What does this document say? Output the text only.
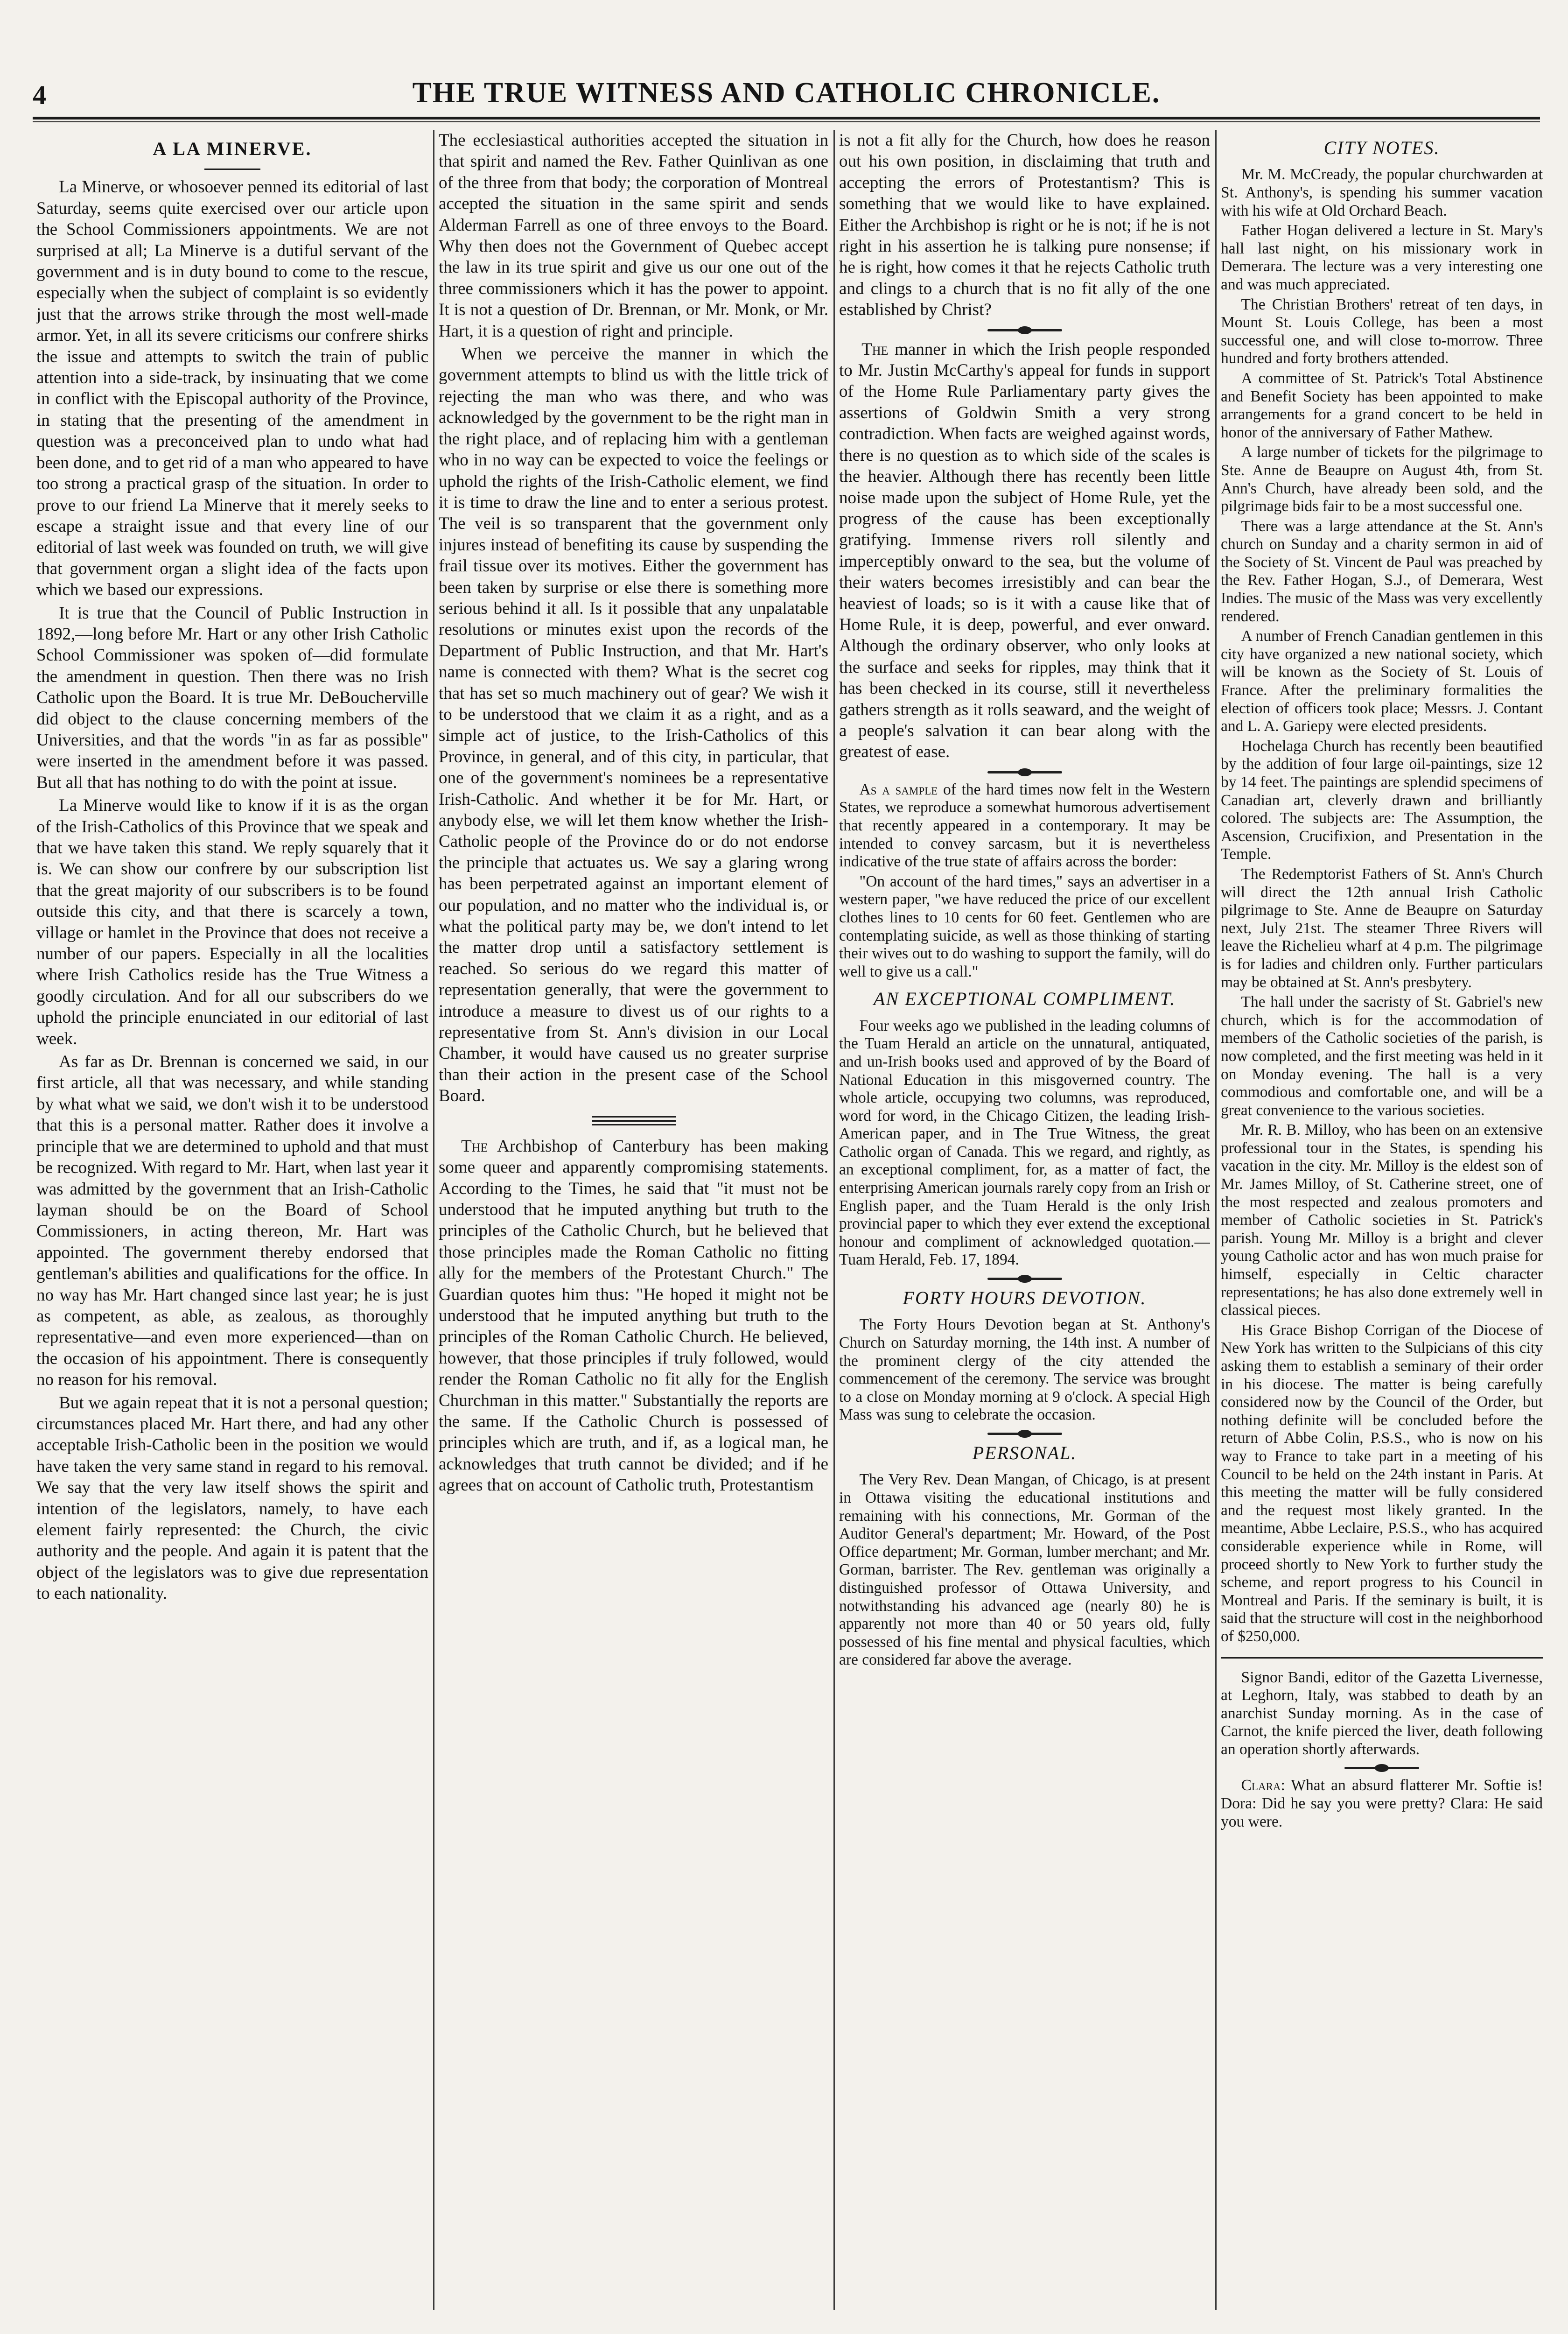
4	THE TRUE WITNESS AND CATHOLIC CHRONICLE.
A LA MINERVE.

La Minerve, or whosoever penned its editorial of last Saturday, seems quite exercised over our article upon the School Commissioners appointments. We are not surprised at all; La Minerve is a dutiful servant of the government and is in duty bound to come to the rescue, especially when the subject of complaint is so evidently just that the arrows strike through the most well-made armor. Yet, in all its severe criticisms our confrere shirks the issue and attempts to switch the train of public attention into a side-track, by insinuating that we come in conflict with the Episcopal authority of the Province, in stating that the presenting of the amendment in question was a preconceived plan to undo what had been done, and to get rid of a man who appeared to have too strong a practical grasp of the situation. In order to prove to our friend La Minerve that it merely seeks to escape a straight issue and that every line of our editorial of last week was founded on truth, we will give that government organ a slight idea of the facts upon which we based our expressions.

It is true that the Council of Public Instruction in 1892,—long before Mr. Hart or any other Irish Catholic School Commissioner was spoken of—did formulate the amendment in question. Then there was no Irish Catholic upon the Board. It is true Mr. DeBoucherville did object to the clause concerning members of the Universities, and that the words "in as far as possible" were inserted in the amendment before it was passed. But all that has nothing to do with the point at issue.

La Minerve would like to know if it is as the organ of the Irish-Catholics of this Province that we speak and that we have taken this stand. We reply squarely that it is. We can show our confrere by our subscription list that the great majority of our subscribers is to be found outside this city, and that there is scarcely a town, village or hamlet in the Province that does not receive a number of our papers. Especially in all the localities where Irish Catholics reside has the True Witness a goodly circulation. And for all our subscribers do we uphold the principle enunciated in our editorial of last week.

As far as Dr. Brennan is concerned we said, in our first article, all that was necessary, and while standing by what what we said, we don't wish it to be understood that this is a personal matter. Rather does it involve a principle that we are determined to uphold and that must be recognized. With regard to Mr. Hart, when last year it was admitted by the government that an Irish-Catholic layman should be on the Board of School Commissioners, in acting thereon, Mr. Hart was appointed. The government thereby endorsed that gentleman's abilities and qualifications for the office. In no way has Mr. Hart changed since last year; he is just as competent, as able, as zealous, as thoroughly representative—and even more experienced—than on the occasion of his appointment. There is consequently no reason for his removal.

But we again repeat that it is not a personal question; circumstances placed Mr. Hart there, and had any other acceptable Irish-Catholic been in the position we would have taken the very same stand in regard to his removal. We say that the very law itself shows the spirit and intention of the legislators, namely, to have each element fairly represented: the Church, the civic authority and the people. And again it is patent that the object of the legislators was to give due representation to each nationality.

The ecclesiastical authorities accepted the situation in that spirit and named the Rev. Father Quinlivan as one of the three from that body; the corporation of Montreal accepted the situation in the same spirit and sends Alderman Farrell as one of three envoys to the Board. Why then does not the Government of Quebec accept the law in its true spirit and give us our one out of the three commissioners which it has the power to appoint. It is not a question of Dr. Brennan, or Mr. Monk, or Mr. Hart, it is a question of right and principle.

When we perceive the manner in which the government attempts to blind us with the little trick of rejecting the man who was there, and who was acknowledged by the government to be the right man in the right place, and of replacing him with a gentleman who in no way can be expected to voice the feelings or uphold the rights of the Irish-Catholic element, we find it is time to draw the line and to enter a serious protest. The veil is so transparent that the government only injures instead of benefiting its cause by suspending the frail tissue over its motives. Either the government has been taken by surprise or else there is something more serious behind it all. Is it possible that any unpalatable resolutions or minutes exist upon the records of the Department of Public Instruction, and that Mr. Hart's name is connected with them? What is the secret cog that has set so much machinery out of gear? We wish it to be understood that we claim it as a right, and as a simple act of justice, to the Irish-Catholics of this Province, in general, and of this city, in particular, that one of the government's nominees be a representative Irish-Catholic. And whether it be for Mr. Hart, or anybody else, we will let them know whether the Irish-Catholic people of the Province do or do not endorse the principle that actuates us. We say a glaring wrong has been perpetrated against an important element of our population, and no matter who the individual is, or what the political party may be, we don't intend to let the matter drop until a satisfactory settlement is reached. So serious do we regard this matter of representation generally, that were the government to introduce a measure to divest us of our rights to a representative from St. Ann's division in our Local Chamber, it would have caused us no greater surprise than their action in the present case of the School Board.

The Archbishop of Canterbury has been making some queer and apparently compromising statements. According to the Times, he said that "it must not be understood that he imputed anything but truth to the principles of the Catholic Church, but he believed that those principles made the Roman Catholic no fitting ally for the members of the Protestant Church." The Guardian quotes him thus: "He hoped it might not be understood that he imputed anything but truth to the principles of the Roman Catholic Church. He believed, however, that those principles if truly followed, would render the Roman Catholic no fit ally for the English Churchman in this matter." Substantially the reports are the same. If the Catholic Church is possessed of principles which are truth, and if, as a logical man, he acknowledges that truth cannot be divided; and if he agrees that on account of Catholic truth, Protestantism

is not a fit ally for the Church, how does he reason out his own position, in disclaiming that truth and accepting the errors of Protestantism? This is something that we would like to have explained. Either the Archbishop is right or he is not; if he is not right in his assertion he is talking pure nonsense; if he is right, how comes it that he rejects Catholic truth and clings to a church that is no fit ally of the one established by Christ?

The manner in which the Irish people responded to Mr. Justin McCarthy's appeal for funds in support of the Home Rule Parliamentary party gives the assertions of Goldwin Smith a very strong contradiction. When facts are weighed against words, there is no question as to which side of the scales is the heavier. Although there has recently been little noise made upon the subject of Home Rule, yet the progress of the cause has been exceptionally gratifying. Immense rivers roll silently and imperceptibly onward to the sea, but the volume of their waters becomes irresistibly and can bear the heaviest of loads; so is it with a cause like that of Home Rule, it is deep, powerful, and ever onward. Although the ordinary observer, who only looks at the surface and seeks for ripples, may think that it has been checked in its course, still it nevertheless gathers strength as it rolls seaward, and the weight of a people's salvation it can bear along with the greatest of ease.

As a sample of the hard times now felt in the Western States, we reproduce a somewhat humorous advertisement that recently appeared in a contemporary. It may be intended to convey sarcasm, but it is nevertheless indicative of the true state of affairs across the border:

"On account of the hard times," says an advertiser in a western paper, "we have reduced the price of our excellent clothes lines to 10 cents for 60 feet. Gentlemen who are contemplating suicide, as well as those thinking of starting their wives out to do washing to support the family, will do well to give us a call."

AN EXCEPTIONAL COMPLIMENT.

Four weeks ago we published in the leading columns of the Tuam Herald an article on the unnatural, antiquated, and un-Irish books used and approved of by the Board of National Education in this misgoverned country. The whole article, occupying two columns, was reproduced, word for word, in the Chicago Citizen, the leading Irish-American paper, and in The True Witness, the great Catholic organ of Canada. This we regard, and rightly, as an exceptional compliment, for, as a matter of fact, the enterprising American journals rarely copy from an Irish or English paper, and the Tuam Herald is the only Irish provincial paper to which they ever extend the exceptional honour and compliment of acknowledged quotation.—Tuam Herald, Feb. 17, 1894.

FORTY HOURS DEVOTION.

The Forty Hours Devotion began at St. Anthony's Church on Saturday morning, the 14th inst. A number of the prominent clergy of the city attended the commencement of the ceremony. The service was brought to a close on Monday morning at 9 o'clock. A special High Mass was sung to celebrate the occasion.

PERSONAL.

The Very Rev. Dean Mangan, of Chicago, is at present in Ottawa visiting the educational institutions and remaining with his connections, Mr. Gorman of the Auditor General's department; Mr. Howard, of the Post Office department; Mr. Gorman, lumber merchant; and Mr. Gorman, barrister. The Rev. gentleman was originally a distinguished professor of Ottawa University, and notwithstanding his advanced age (nearly 80) he is apparently not more than 40 or 50 years old, fully possessed of his fine mental and physical faculties, which are considered far above the average.

CITY NOTES.

Mr. M. McCready, the popular churchwarden at St. Anthony's, is spending his summer vacation with his wife at Old Orchard Beach.

Father Hogan delivered a lecture in St. Mary's hall last night, on his missionary work in Demerara. The lecture was a very interesting one and was much appreciated.

The Christian Brothers' retreat of ten days, in Mount St. Louis College, has been a most successful one, and will close to-morrow. Three hundred and forty brothers attended.

A committee of St. Patrick's Total Abstinence and Benefit Society has been appointed to make arrangements for a grand concert to be held in honor of the anniversary of Father Mathew.

A large number of tickets for the pilgrimage to Ste. Anne de Beaupre on August 4th, from St. Ann's Church, have already been sold, and the pilgrimage bids fair to be a most successful one.

There was a large attendance at the St. Ann's church on Sunday and a charity sermon in aid of the Society of St. Vincent de Paul was preached by the Rev. Father Hogan, S.J., of Demerara, West Indies. The music of the Mass was very excellently rendered.

A number of French Canadian gentlemen in this city have organized a new national society, which will be known as the Society of St. Louis of France. After the preliminary formalities the election of officers took place; Messrs. J. Contant and L. A. Gariepy were elected presidents.

Hochelaga Church has recently been beautified by the addition of four large oil-paintings, size 12 by 14 feet. The paintings are splendid specimens of Canadian art, cleverly drawn and brilliantly colored. The subjects are: The Assumption, the Ascension, Crucifixion, and Presentation in the Temple.

The Redemptorist Fathers of St. Ann's Church will direct the 12th annual Irish Catholic pilgrimage to Ste. Anne de Beaupre on Saturday next, July 21st. The steamer Three Rivers will leave the Richelieu wharf at 4 p.m. The pilgrimage is for ladies and children only. Further particulars may be obtained at St. Ann's presbytery.

The hall under the sacristy of St. Gabriel's new church, which is for the accommodation of members of the Catholic societies of the parish, is now completed, and the first meeting was held in it on Monday evening. The hall is a very commodious and comfortable one, and will be a great convenience to the various societies.

Mr. R. B. Milloy, who has been on an extensive professional tour in the States, is spending his vacation in the city. Mr. Milloy is the eldest son of Mr. James Milloy, of St. Catherine street, one of the most respected and zealous promoters and member of Catholic societies in St. Patrick's parish. Young Mr. Milloy is a bright and clever young Catholic actor and has won much praise for himself, especially in Celtic character representations; he has also done extremely well in classical pieces.

His Grace Bishop Corrigan of the Diocese of New York has written to the Sulpicians of this city asking them to establish a seminary of their order in his diocese. The matter is being carefully considered now by the Council of the Order, but nothing definite will be concluded before the return of Abbe Colin, P.S.S., who is now on his way to France to take part in a meeting of his Council to be held on the 24th instant in Paris. At this meeting the matter will be fully considered and the request most likely granted. In the meantime, Abbe Leclaire, P.S.S., who has acquired considerable experience while in Rome, will proceed shortly to New York to further study the scheme, and report progress to his Council in Montreal and Paris. If the seminary is built, it is said that the structure will cost in the neighborhood of $250,000.

Signor Bandi, editor of the Gazetta Livernesse, at Leghorn, Italy, was stabbed to death by an anarchist Sunday morning. As in the case of Carnot, the knife pierced the liver, death following an operation shortly afterwards.

Clara: What an absurd flatterer Mr. Softie is! Dora: Did he say you were pretty? Clara: He said you were.
